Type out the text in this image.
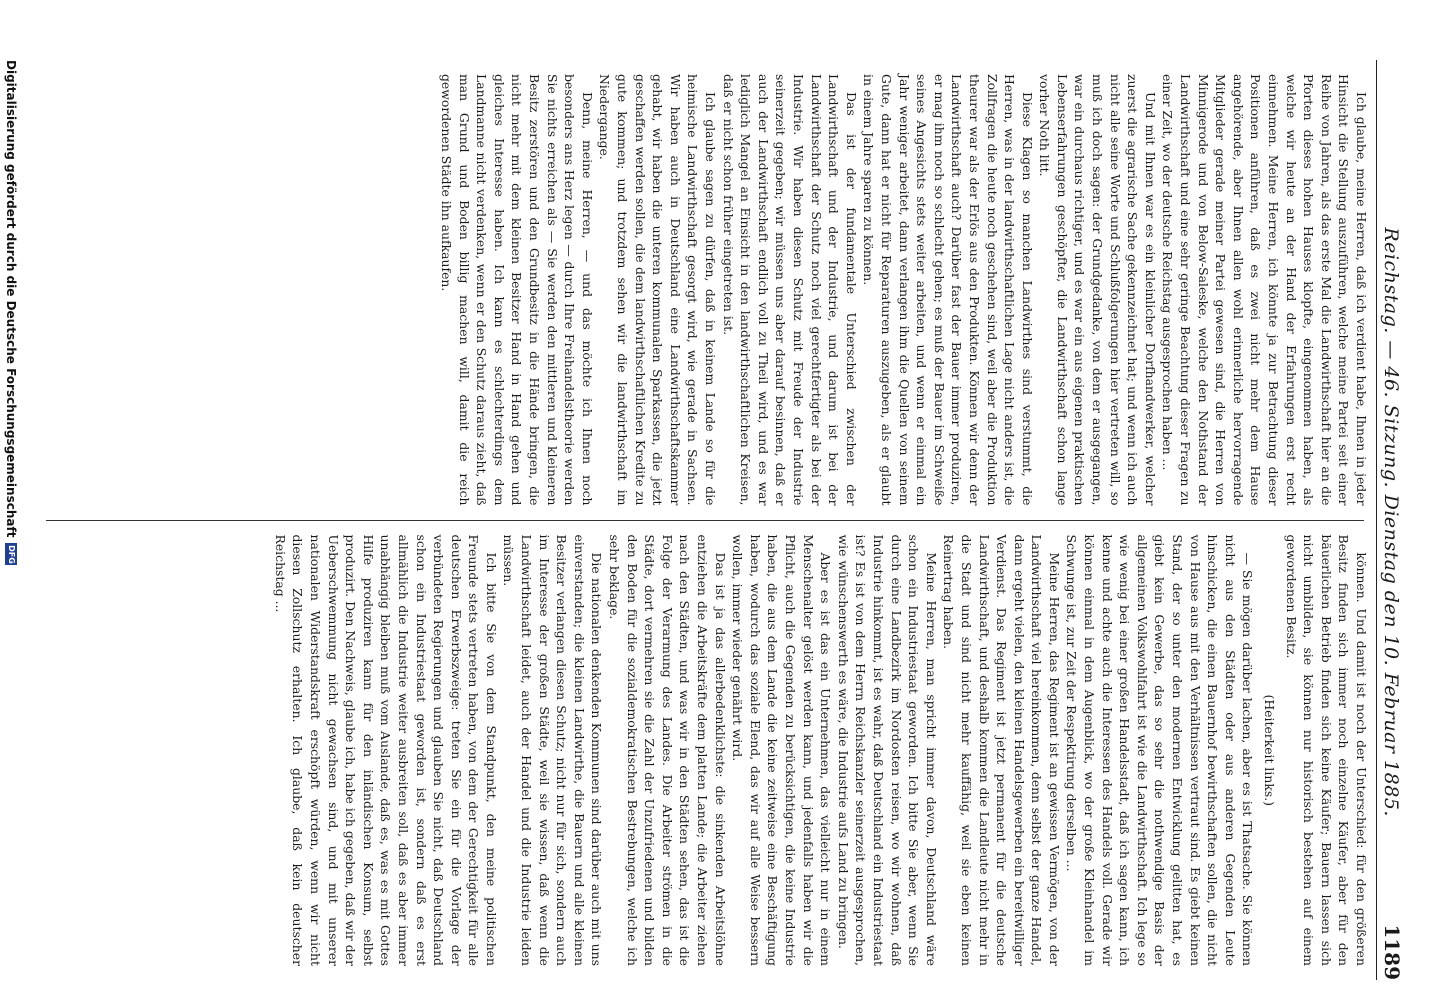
Reichstag. — 46. Sitzung. Dienstag den 10. Februar 1885.
1189

Ich glaube, meine Herren, daß ich verdient habe, Ihnen in jeder Hinsicht die Stellung auszuführen, welche meine Partei seit einer Reihe von Jahren, als das erste Mal die Landwirthschaft hier an die Pforten dieses hohen Hauses klopfte, eingenommen haben, als welche wir heute an der Hand der Erfahrungen erst recht einnehmen. Meine Herren, ich könnte ja zur Betrachtung dieser Positionen anführen, daß es zwei nicht mehr dem Hause angehörende, aber Ihnen allen wohl erinnerliche hervorragende Mitglieder gerade meiner Partei gewesen sind, die Herren von Minnigerode und von Below-Saleske, welche den Nothstand der Landwirthschaft und eine sehr geringe Beachtung dieser Fragen zu einer Zeit, wo der deutsche Reichstag ausgesprochen haben ...

Und mit Ihnen war es ein kleinlicher Dorfhandwerker, welcher zuerst die agrarische Sache gekennzeichnet hat; und wenn ich auch nicht alle seine Worte und Schlußfolgerungen hier vertreten will, so muß ich doch sagen: der Grundgedanke, von dem er ausgegangen, war ein durchaus richtiger, und es war ein aus eigenen praktischen Lebenserfahrungen geschöpfter, die Landwirthschaft schon lange vorher Noth litt.

Diese Klagen so manchen Landwirthes sind verstummt, die Herren, was in der landwirthschaftlichen Lage nicht anders ist, die Zollfragen die heute noch geschehen sind, weil aber die Produktion theurer war als der Erlös aus den Produkten. Können wir denn der Landwirthschaft auch? Darüber fast der Bauer immer produziren, er mag ihm noch so schlecht gehen; es muß der Bauer im Schweiße seines Angesichts stets weiter arbeiten, und wenn er einmal ein Jahr weniger arbeitet, dann verlangen ihm die Quellen von seinem Gute, dann hat er nicht für Reparaturen auszugeben, als er glaubt in einem Jahre sparen zu können.

Das ist der fundamentale Unterschied zwischen der Landwirthschaft und der Industrie, und darum ist bei der Landwirthschaft der Schutz noch viel gerechtfertigter als bei der Industrie. Wir haben diesen Schutz mit Freude der Industrie seinerzeit gegeben; wir müssen uns aber darauf besinnen, daß er auch der Landwirthschaft endlich voll zu Theil wird, und es war lediglich Mangel an Einsicht in den landwirthschaftlichen Kreisen, daß er nicht schon früher eingetreten ist.

Ich glaube sagen zu dürfen, daß in keinem Lande so für die heimische Landwirthschaft gesorgt wird, wie gerade in Sachsen. Wir haben auch in Deutschland eine Landwirthschaftskammer gehabt, wir haben die unteren kommunalen Sparkassen, die jetzt geschaffen werden sollen, die dem landwirthschaftlichen Kredite zu gute kommen; und trotzdem sehen wir die landwirthschaft im Niedergange.

Denn, meine Herren, — und das möchte ich Ihnen noch besonders ans Herz legen — durch Ihre Freihandelstheorie werden Sie nichts erreichen als — Sie werden den mittleren und kleineren Besitz zerstören und den Grundbesitz in die Hände bringen, die nicht mehr mit dem kleinen Besitzer Hand in Hand gehen und gleiches Interesse haben. Ich kann es schlechterdings dem Landmanne nicht verdenken, wenn er den Schutz daraus zieht, daß man Grund und Boden billig machen will, damit die reich gewordenen Städte ihn aufkaufen.

können. Und damit ist noch der Unterschied: für den größeren Besitz finden sich immer noch einzelne Käufer, aber für den bäuerlichen Betrieb finden sich keine Käufer; Bauern lassen sich nicht umbilden, sie können nur historisch bestehen auf einem gewordenen Besitz.

(Heiterkeit links.)

— Sie mögen darüber lachen, aber es ist Thatsache. Sie können nicht aus den Städten oder aus anderen Gegenden Leute hinschicken, die einen Bauernhof bewirthschaften sollen, die nicht von Hause aus mit den Verhältnissen vertraut sind. Es giebt keinen Stand, der so unter den modernen Entwicklung gelitten hat, es giebt kein Gewerbe, das so sehr die nothwendige Basis der allgemeinen Volkswohlfahrt ist wie die Landwirthschaft. Ich lege so wie wenig bei einer großen Handelsstadt, daß ich sagen kann, ich kenne und achte auch die Interessen des Handels voll. Gerade wir können einmal in dem Augenblick, wo der große Kleinhandel im Schwunge ist, zur Zeit der Respektirung derselben ...

Meine Herren, das Regiment ist an gewissen Vermögen, von der Landwirthschaft viel hereinkommen, denn selbst der ganze Handel, dann ergeht vielen, den kleinen Handelsgewerben ein bereitwilliger Verdienst. Das Regiment ist jetzt permanent für die deutsche Landwirthschaft, und deshalb kommen die Landleute nicht mehr in die Stadt und sind nicht mehr kauffähig, weil sie eben keinen Reinertrag haben.

Meine Herren, man spricht immer davon, Deutschland wäre schon ein Industriestaat geworden. Ich bitte Sie aber, wenn Sie durch eine Landbezirk im Nordosten reisen, wo wir wohnen, daß Industrie hinkommt, ist es wahr, daß Deutschland ein Industriestaat ist? Es ist von dem Herrn Reichskanzler seinerzeit ausgesprochen, wie wünschenswerth es wäre, die Industrie aufs Land zu bringen.

Aber es ist das ein Unternehmen, das vielleicht nur in einem Menschenalter gelöst werden kann, und jedenfalls haben wir die Pflicht, auch die Gegenden zu berücksichtigen, die keine Industrie haben, die aus dem Lande die keine zeitweise eine Beschäftigung haben, wodurch das soziale Elend, das wir auf alle Weise bessern wollen, immer wieder genährt wird.

Das ist ja das allerbedenklichste: die sinkenden Arbeitslöhne entziehen die Arbeitskräfte dem platten Lande; die Arbeiter ziehen nach den Städten, und was wir in den Städten sehen, das ist die Folge der Verarmung des Landes. Die Arbeiter strömen in die Städte, dort vermehren sie die Zahl der Unzufriedenen und bilden den Boden für die sozialdemokratischen Bestrebungen, welche ich sehr beklage.

Die nationalen denkenden Kommunen sind darüber auch mit uns einverstanden; die kleinen Landwirthe, die Bauern und alle kleinen Besitzer verlangen diesen Schutz; nicht nur für sich, sondern auch im Interesse der großen Städte, weil sie wissen, daß wenn die Landwirthschaft leidet, auch der Handel und die Industrie leiden müssen.

Ich bitte Sie von dem Standpunkt, den meine politischen Freunde stets vertreten haben, von dem der Gerechtigkeit für alle deutschen Erwerbszweige: treten Sie ein für die Vorlage der verbündeten Regierungen und glauben Sie nicht, daß Deutschland schon ein Industriestaat geworden ist, sondern daß es erst allmählich die Industrie weiter ausbreiten soll, daß es aber immer unabhängig bleiben muß vom Auslande, daß es, was es mit Gottes Hilfe produziren kann für den inländischen Konsum, selbst produzirt. Den Nachweis, glaube ich, habe ich gegeben, daß wir der Ueberschwemmung nicht gewachsen sind, und mit unserer nationalen Widerstandskraft erschöpft würden, wenn wir nicht diesen Zollschutz erhalten. Ich glaube, daß kein deutscher Reichstag ...

Digitalisierung gefördert durch die Deutsche Forschungsgemeinschaft
DFG
